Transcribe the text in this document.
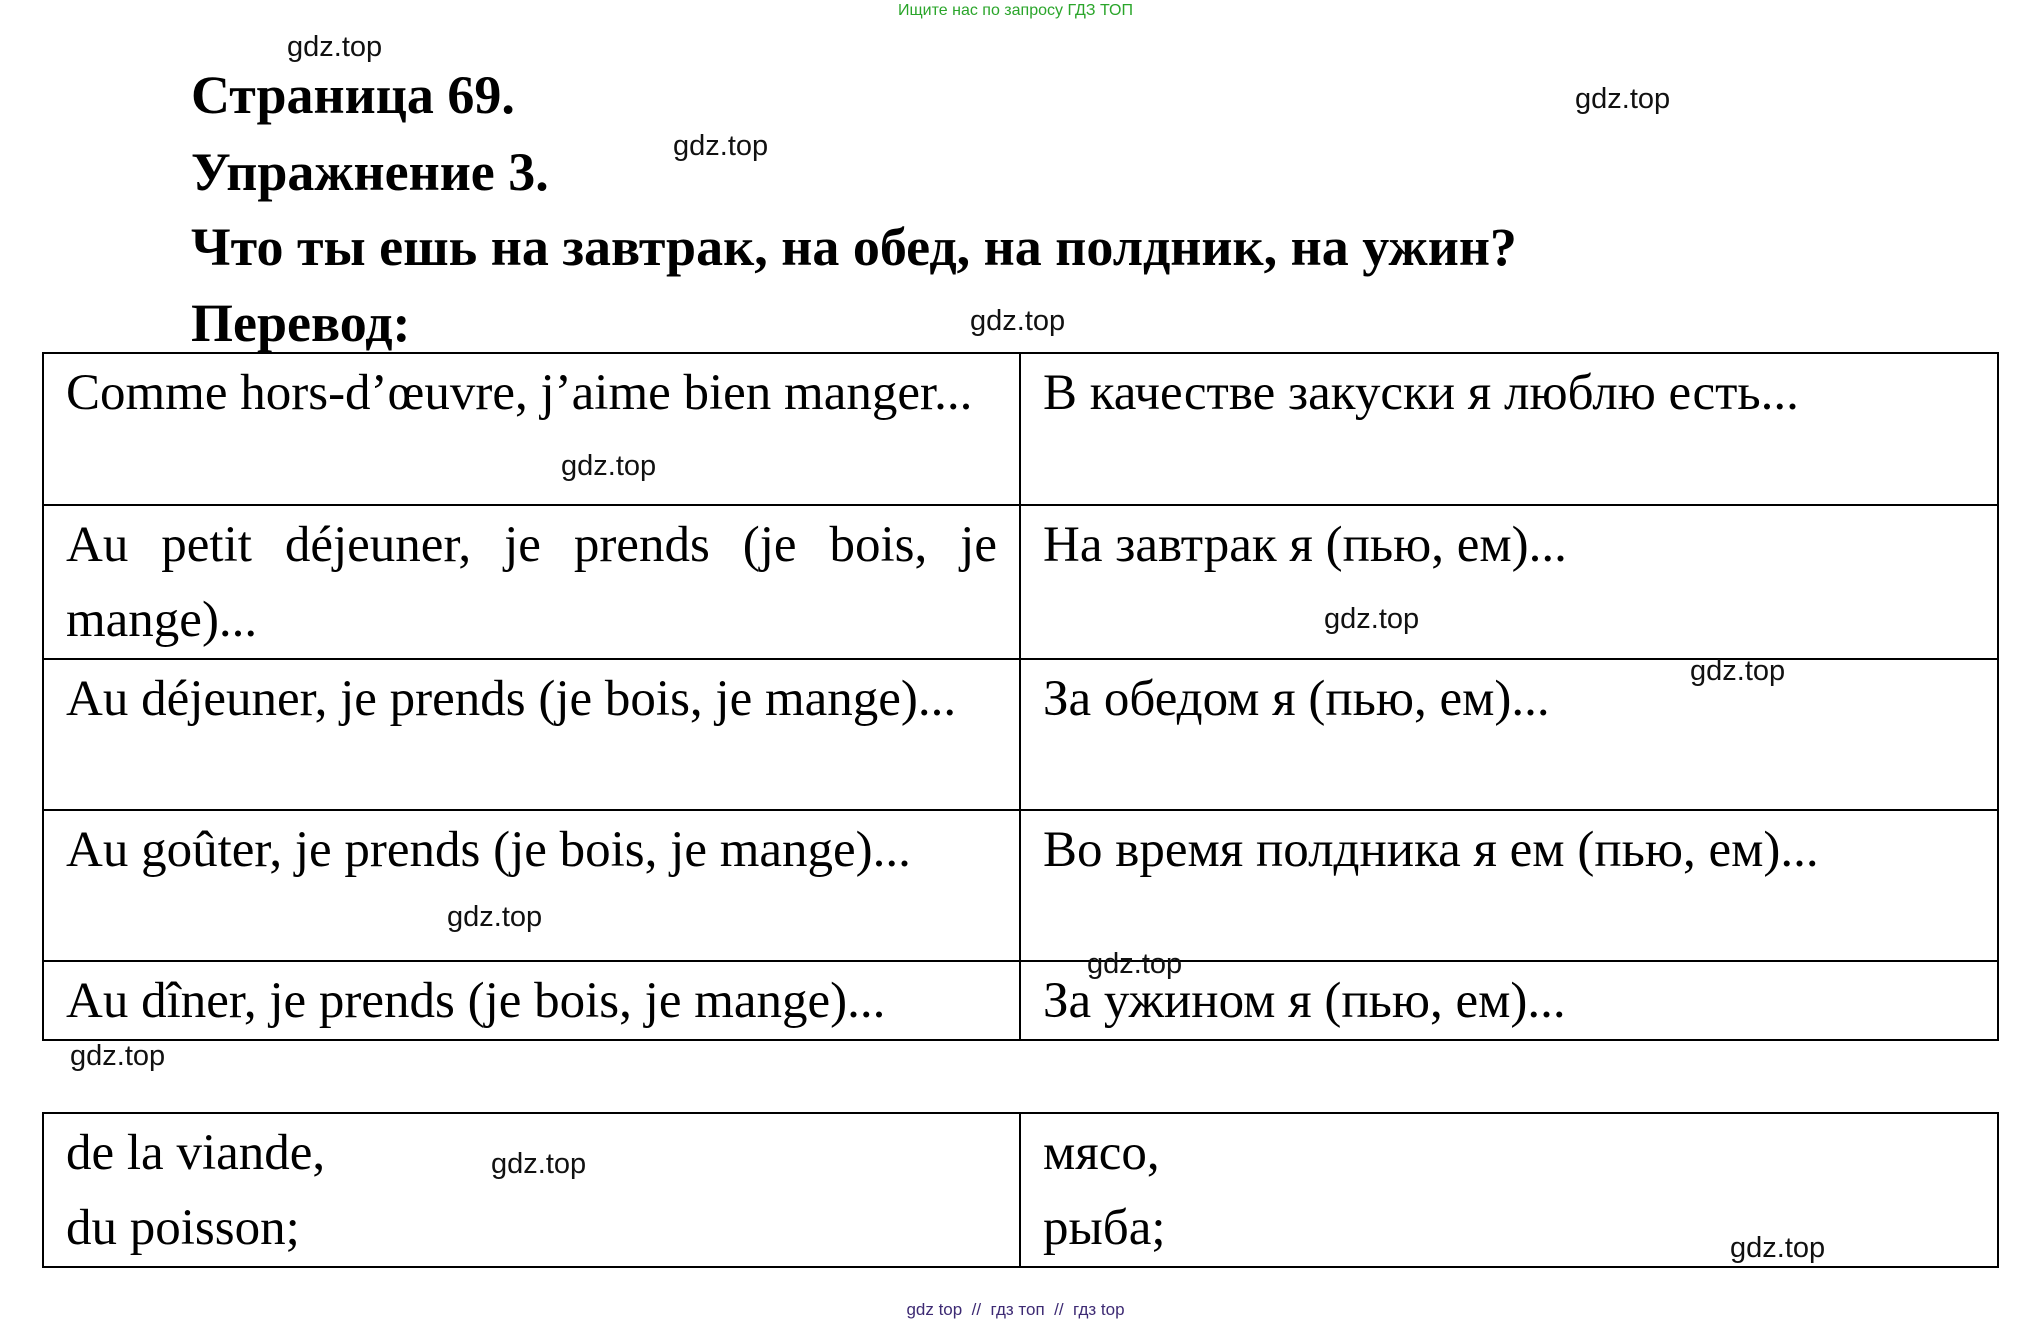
Ищите нас по запросу ГДЗ ТОП
Страница 69.
Упражнение 3.
Что ты ешь на завтрак, на обед, на полдник, на ужин?
Перевод:
Comme hors-d’œuvre, j’aime bien manger...	В качестве закуски я люблю есть...
Au petit déjeuner, je prends (je bois, je mange)...	На завтрак я (пью, ем)...
Au déjeuner, je prends (je bois, je mange)...	За обедом я (пью, ем)...
Au goûter, je prends (je bois, je mange)...	Во время полдника я ем (пью, ем)...
Au dîner, je prends (je bois, je mange)...	За ужином я (пью, ем)...
de la viande,
du poisson;

мясо,
рыба;
gdz.top
gdz.top
gdz.top
gdz.top
gdz.top
gdz.top
gdz.top
gdz.top
gdz.top
gdz.top
gdz.top
gdz.top
gdz top  //  гдз топ  //  гдз top
